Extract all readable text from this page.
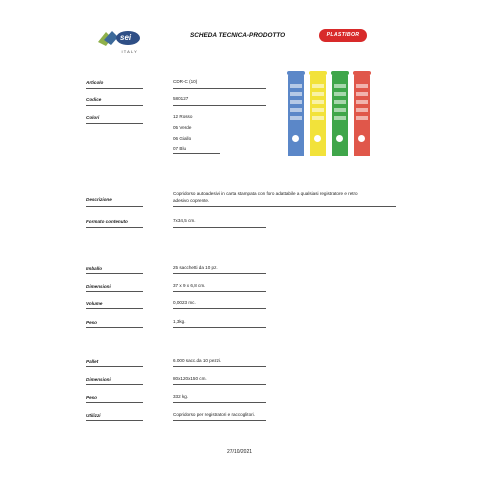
sei
ITALY
SCHEDA TECNICA-PRODOTTO	PLASTIBOR
Articolo	CDR-C (10)
Codice	580127
Colori	12 Rosso
05 Verde
06 Giallo
07 Blu
Descrizione
Copridorso autoadesivi in carta stampata con foro adattabile a qualsiasi registratore e retro
adesivo coprente.
Formato contenuto	7x34,5 cm.
Imballo	25 sacchetti da 10 pz.
Dimensioni	37 x 9 x 6,8 cm.
Volume	0,0023 mc.
Peso	1,3kg.
Pallet	6.000 sacc.da 10 pezzi.
Dimensioni	80x120x150 cm.
Peso	332 kg.
Utilizzi	Copridorso per registratori e raccoglitori.
27/10/2021
